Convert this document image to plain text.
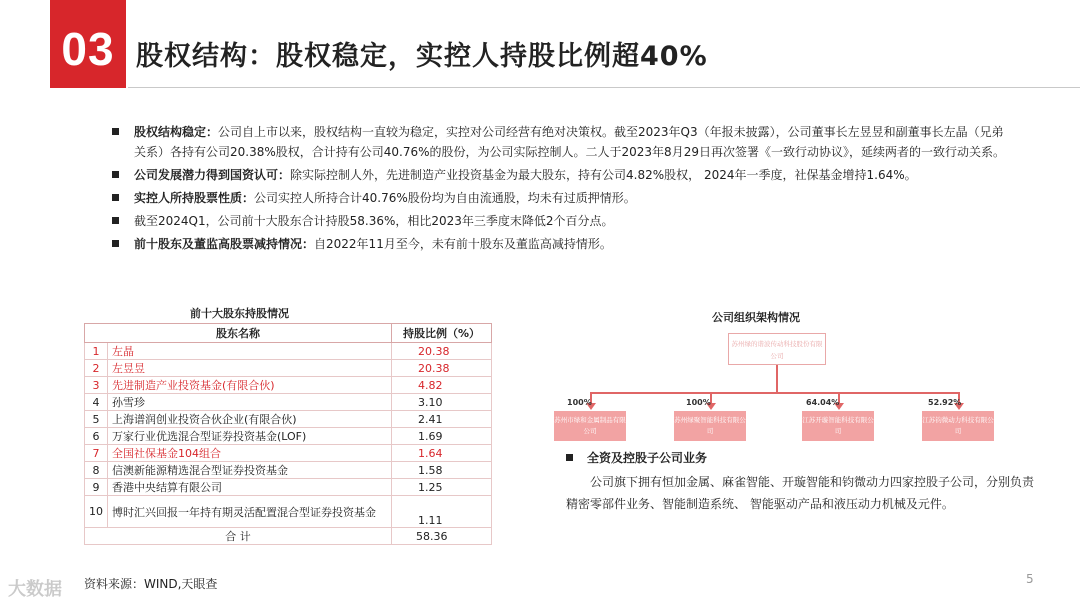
03 股权结构：股权稳定，实控人持股比例超40%
股权结构稳定：公司自上市以来，股权结构一直较为稳定，实控对公司经营有绝对决策权。截至2023年Q3（年报未披露），公司董事长左昱昱和副董事长左晶（兄弟关系）各持有公司20.38%股权，合计持有公司40.76%的股份，为公司实际控制人。二人于2023年8月29日再次签署《一致行动协议》，延续两者的一致行动关系。
公司发展潜力得到国资认可：除实际控制人外，先进制造产业投资基金为最大股东，持有公司4.82%股权， 2024年一季度，社保基金增持1.64%。
实控人所持股票性质：公司实控人所持合计40.76%股份均为自由流通股，均未有过质押情形。
截至2024Q1，公司前十大股东合计持股58.36%，相比2023年三季度末降低2个百分点。
前十股东及董监高股票减持情况：自2022年11月至今，未有前十股东及董监高减持情形。
前十大股东持股情况
股东名称		持股比例（%）
1	左晶	20.38
2	左昱昱	20.38
3	先进制造产业投资基金(有限合伙)	4.82
4	孙雪珍	3.10
5	上海谱润创业投资合伙企业(有限合伙)	2.41
6	万家行业优选混合型证券投资基金(LOF)	1.69
7	全国社保基金104组合	1.64
8	信澳新能源精选混合型证券投资基金	1.58
9	香港中央结算有限公司	1.25
10	博时汇兴回报一年持有期灵活配置混合型证券投资基金	1.11
合 计		58.36
资料来源：WIND,天眼查
公司组织架构情况
苏州绿的谐波传动科技股份有限公司
100%	100%	64.04%	52.92%
苏州市绿和金属制品有限公司
苏州绿聚智能科技有限公司
江苏开璇智能科技有限公司
江苏钧微动力科技有限公司
全资及控股子公司业务
公司旗下拥有恒加金属、麻雀智能、开璇智能和钧微动力四家控股子公司，分别负责精密零部件业务、智能制造系统、 智能驱动产品和液压动力机械及元件。
5
大数据
